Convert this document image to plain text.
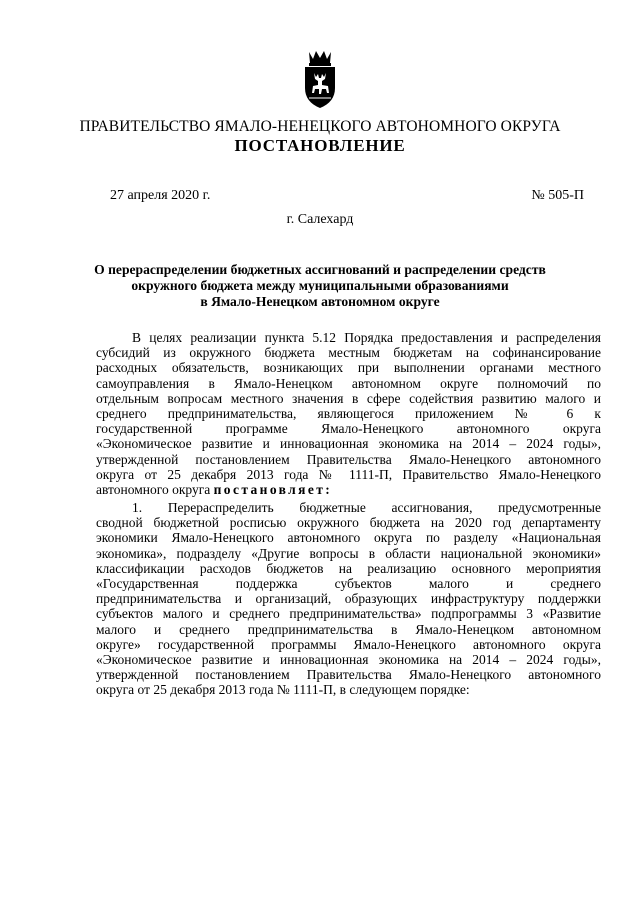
ПРАВИТЕЛЬСТВО ЯМАЛО-НЕНЕЦКОГО АВТОНОМНОГО ОКРУГА
ПОСТАНОВЛЕНИЕ
27 апреля 2020 г.	№ 505-П
г. Салехард
О перераспределении бюджетных ассигнований и распределении средств
окружного бюджета между муниципальными образованиями
в Ямало-Ненецком автономном округе
В целях реализации пункта 5.12 Порядка предоставления и распределения
субсидий из окружного бюджета местным бюджетам на софинансирование
расходных обязательств, возникающих при выполнении органами местного
самоуправления в Ямало-Ненецком автономном округе полномочий по
отдельным вопросам местного значения в сфере содействия развитию малого и
среднего предпринимательства, являющегося приложением № 6 к
государственной программе Ямало-Ненецкого автономного округа
«Экономическое развитие и инновационная экономика на 2014 – 2024 годы»,
утвержденной постановлением Правительства Ямало-Ненецкого автономного
округа от 25 декабря 2013 года № 1111-П, Правительство Ямало-Ненецкого
автономного округа постановляет:
1. Перераспределить бюджетные ассигнования, предусмотренные
сводной бюджетной росписью окружного бюджета на 2020 год департаменту
экономики Ямало-Ненецкого автономного округа по разделу «Национальная
экономика», подразделу «Другие вопросы в области национальной экономики»
классификации расходов бюджетов на реализацию основного мероприятия
«Государственная поддержка субъектов малого и среднего
предпринимательства и организаций, образующих инфраструктуру поддержки
субъектов малого и среднего предпринимательства» подпрограммы 3 «Развитие
малого и среднего предпринимательства в Ямало-Ненецком автономном
округе» государственной программы Ямало-Ненецкого автономного округа
«Экономическое развитие и инновационная экономика на 2014 – 2024 годы»,
утвержденной постановлением Правительства Ямало-Ненецкого автономного
округа от 25 декабря 2013 года № 1111-П, в следующем порядке:
